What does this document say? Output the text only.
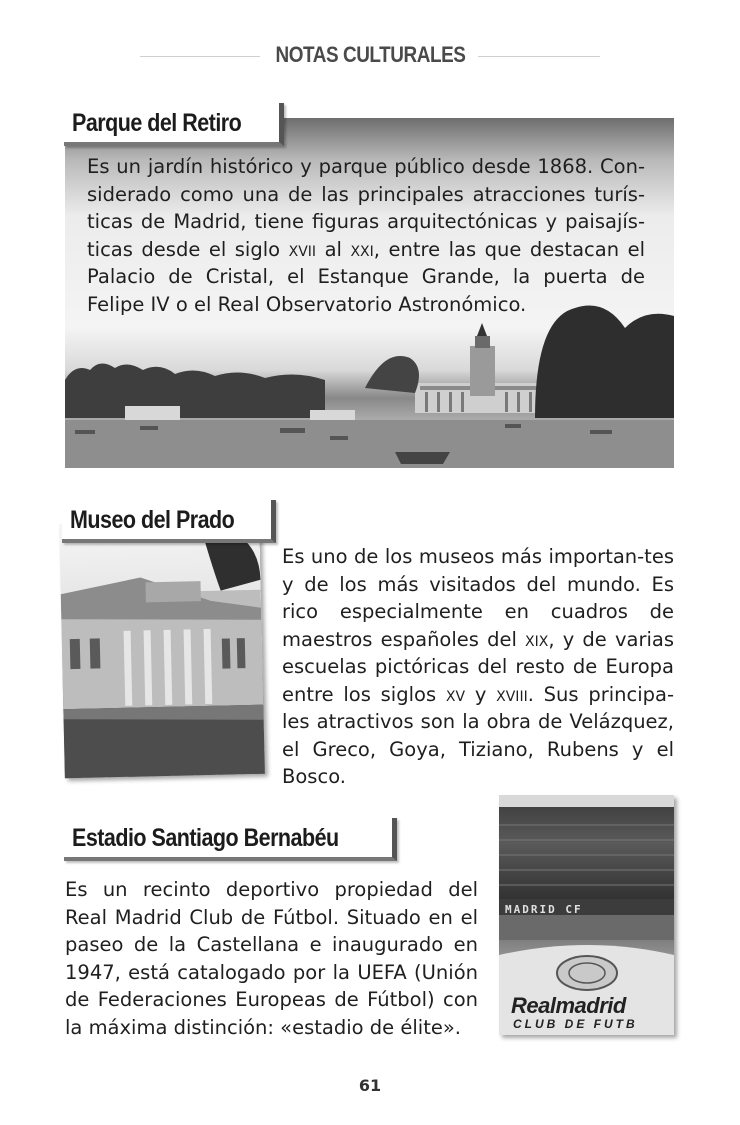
NOTAS CULTURALES
Parque del Retiro
Es un jardín histórico y parque público desde 1868. Con-siderado como una de las principales atracciones turís-ticas de Madrid, tiene figuras arquitectónicas y paisajís-ticas desde el siglo xvii al xxi, entre las que destacan el Palacio de Cristal, el Estanque Grande, la puerta de Felipe IV o el Real Observatorio Astronómico.
Museo del Prado
Es uno de los museos más importan-tes y de los más visitados del mundo. Es rico especialmente en cuadros de maestros españoles del xix, y de varias escuelas pictóricas del resto de Europa entre los siglos xv y xviii. Sus principa-les atractivos son la obra de Velázquez, el Greco, Goya, Tiziano, Rubens y el Bosco.
MADRID CF
Realmadrid
CLUB DE FUTB
Estadio Santiago Bernabéu
Es un recinto deportivo propiedad del Real Madrid Club de Fútbol. Situado en el paseo de la Castellana e inaugurado en 1947, está catalogado por la UEFA (Unión de Federaciones Europeas de Fútbol) con la máxima distinción: «estadio de élite».
61
